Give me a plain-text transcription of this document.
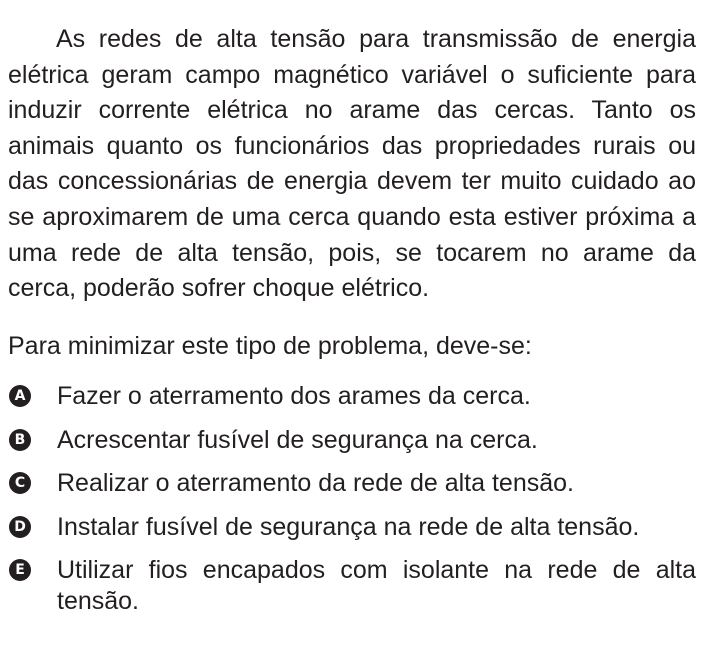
As redes de alta tensão para transmissão de energia elétrica geram campo magnético variável o suficiente para induzir corrente elétrica no arame das cercas. Tanto os animais quanto os funcionários das propriedades rurais ou das concessionárias de energia devem ter muito cuidado ao se aproximarem de uma cerca quando esta estiver próxima a uma rede de alta tensão, pois, se tocarem no arame da cerca, poderão sofrer choque elétrico.

Para minimizar este tipo de problema, deve-se:

A Fazer o aterramento dos arames da cerca.
B Acrescentar fusível de segurança na cerca.
C Realizar o aterramento da rede de alta tensão.
D Instalar fusível de segurança na rede de alta tensão.
E Utilizar fios encapados com isolante na rede de alta tensão.
